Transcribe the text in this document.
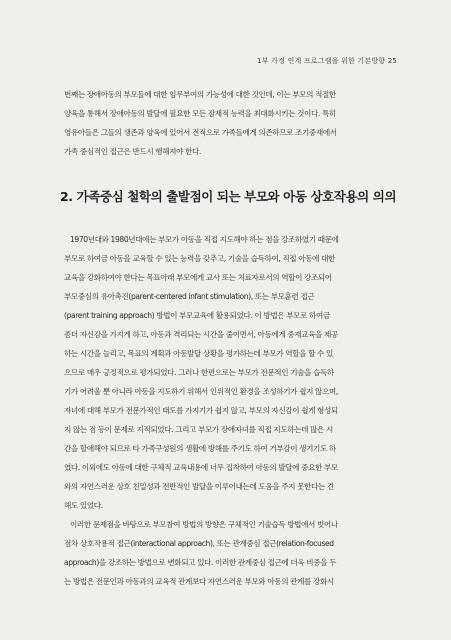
1부 가정 연계 프로그램을 위한 기본방향 25
번째는 장애아동의 부모들에 대한 임무부여의 가능성에 대한 것인데, 이는 부모의 적절한
양육을 통해서 장애아동의 발달에 필요한 모든 잠재적 능력을 최대화시키는 것이다. 특히
영유아들은 그들의 생존과 양육에 있어서 전적으로 가족들에게 의존하므로 조기중재에서
가족 중심적인 접근은 반드시 행해져야 한다.
2. 가족중심 철학의 출발점이 되는 부모와 아동 상호작용의 의의
1970년대와 1980년대에는 부모가 아동을 직접 지도해야 하는 점을 강조하였기 때문에
부모로 하여금 아동을 교육할 수 있는 능력을 갖추고, 기술을 습득하여, 직접 아동에 대한
교육을 강화하여야 한다는 목표아래 부모에게 교사 또는 치료자로서의 역할이 강조되어
부모중심의 유아촉진(parent-centered infant stimulation), 또는 부모훈련 접근
(parent training approach) 방법이 부모교육에 활용되었다. 이 방법은 부모로 하여금
좀더 자신감을 가지게 하고, 아동과 격리되는 시간을 줄이면서, 아동에게 중재교육을 제공
하는 시간을 늘리고, 목표의 계획과 아동발달 상황을 평가하는데 부모가 역할을 할 수 있
으므로 매우 긍정적으로 평가되었다. 그러나 한편으로는 부모가 전문적인 기술을 습득하
기가 어려울 뿐 아니라 아동을 지도하기 위해서 인위적인 환경을 조성하기가 쉽지 않으며,
자녀에 대해 부모가 전문가적인 태도를 가지기가 쉽지 않고, 부모의 자신감이 쉽게 형성되
지 않는 점 등이 문제로 지적되었다. 그리고 부모가 장애자녀를 직접 지도하는데 많은 시
간을 할애해야 되므로 타 가족구성원의 생활에 방해를 주기도 하여 거부감이 생기기도 하
였다. 이외에도 아동에 대한 구체적 교육내용에 너무 집착하여 아동의 발달에 중요한 부모
와의 자연스러운 상호 친밀성과 전반적인 발달을 이루어내는데 도움을 주지 못한다는 견
해도 있었다.
이러한 문제점을 바탕으로 부모참여 방법의 방향은 구체적인 기술습득 방법에서 벗어나
점차 상호작용적 접근(interactional approach), 또는 관계중심 접근(relation-focused
approach)을 강조하는 방법으로 변화되고 있다. 이러한 관계중심 접근에 더욱 비중을 두
는 방법은 전문인과 아동과의 교육적 관계보다 자연스러운 부모와 아동의 관계를 강화시
